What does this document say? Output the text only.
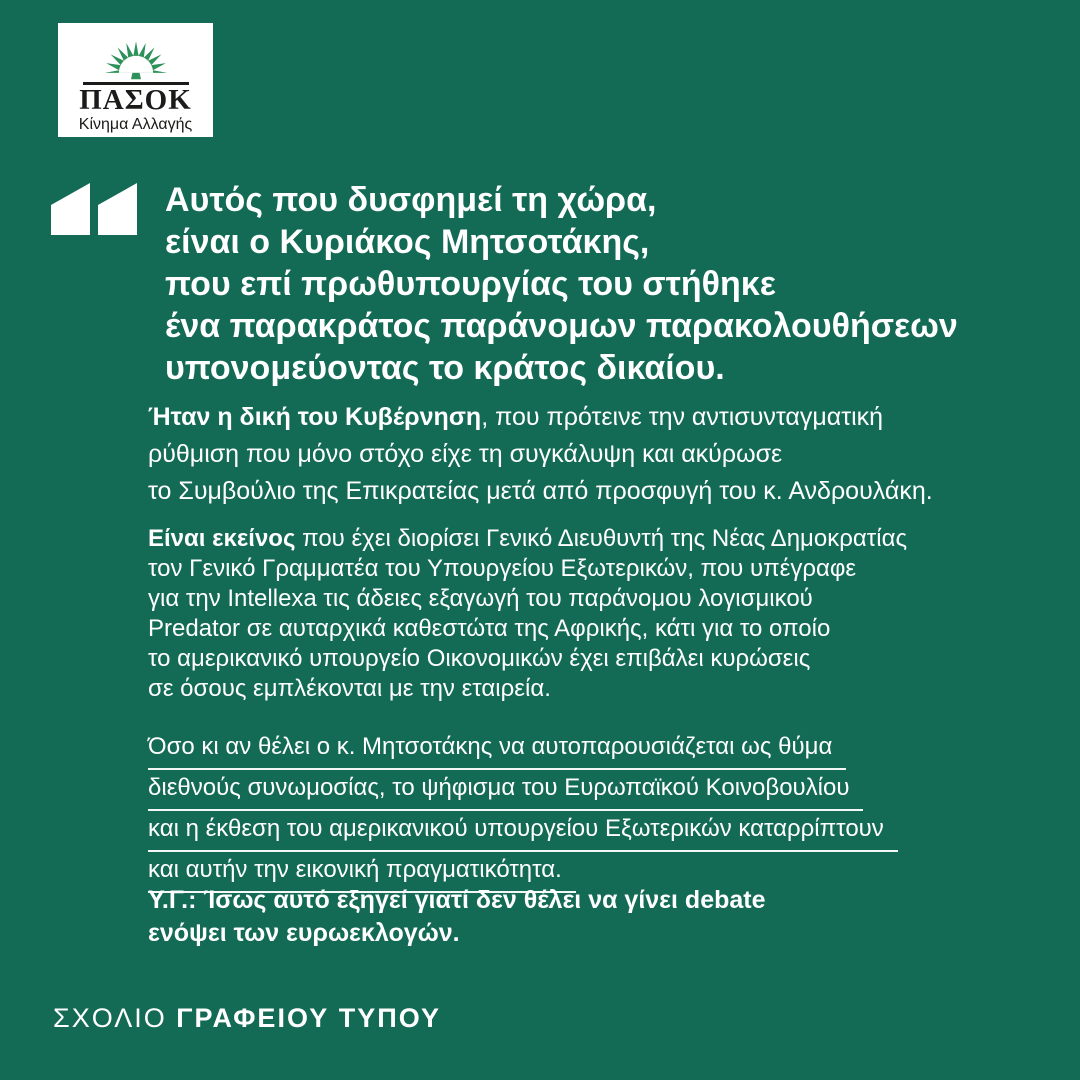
ΠΑΣΟΚ
Κίνημα Αλλαγής
Αυτός που δυσφημεί τη χώρα,
είναι ο Κυριάκος Μητσοτάκης,
που επί πρωθυπουργίας του στήθηκε
ένα παρακράτος παράνομων παρακολουθήσεων
υπονομεύοντας το κράτος δικαίου.
Ήταν η δική του Κυβέρνηση, που πρότεινε την αντισυνταγματική
ρύθμιση που μόνο στόχο είχε τη συγκάλυψη και ακύρωσε
το Συμβούλιο της Επικρατείας μετά από προσφυγή του κ. Ανδρουλάκη.
Είναι εκείνος που έχει διορίσει Γενικό Διευθυντή της Νέας Δημοκρατίας
τον Γενικό Γραμματέα του Υπουργείου Εξωτερικών, που υπέγραφε
για την Intellexa τις άδειες εξαγωγή του παράνομου λογισμικού
Predator σε αυταρχικά καθεστώτα της Αφρικής, κάτι για το οποίο
το αμερικανικό υπουργείο Οικονομικών έχει επιβάλει κυρώσεις
σε όσους εμπλέκονται με την εταιρεία.
Όσο κι αν θέλει ο κ. Μητσοτάκης να αυτοπαρουσιάζεται ως θύμα
διεθνούς συνωμοσίας, το ψήφισμα του Ευρωπαϊκού Κοινοβουλίου
και η έκθεση του αμερικανικού υπουργείου Εξωτερικών καταρρίπτουν
και αυτήν την εικονική πραγματικότητα.
Υ.Γ.: Ίσως αυτό εξηγεί γιατί δεν θέλει να γίνει debate
ενόψει των ευρωεκλογών.
ΣΧΟΛΙΟ ΓΡΑΦΕΙΟΥ ΤΥΠΟΥ
